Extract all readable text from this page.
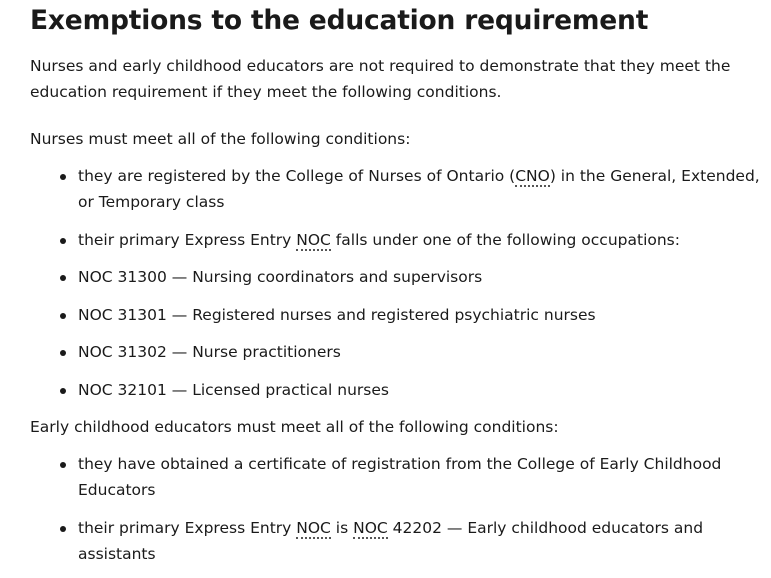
Exemptions to the education requirement

Nurses and early childhood educators are not required to demonstrate that they meet the education requirement if they meet the following conditions.

Nurses must meet all of the following conditions:

they are registered by the College of Nurses of Ontario (CNO) in the General, Extended, or Temporary class
their primary Express Entry NOC falls under one of the following occupations:
NOC 31300 — Nursing coordinators and supervisors
NOC 31301 — Registered nurses and registered psychiatric nurses
NOC 31302 — Nurse practitioners
NOC 32101 — Licensed practical nurses

Early childhood educators must meet all of the following conditions:

they have obtained a certificate of registration from the College of Early Childhood Educators
their primary Express Entry NOC is NOC 42202 — Early childhood educators and assistants
